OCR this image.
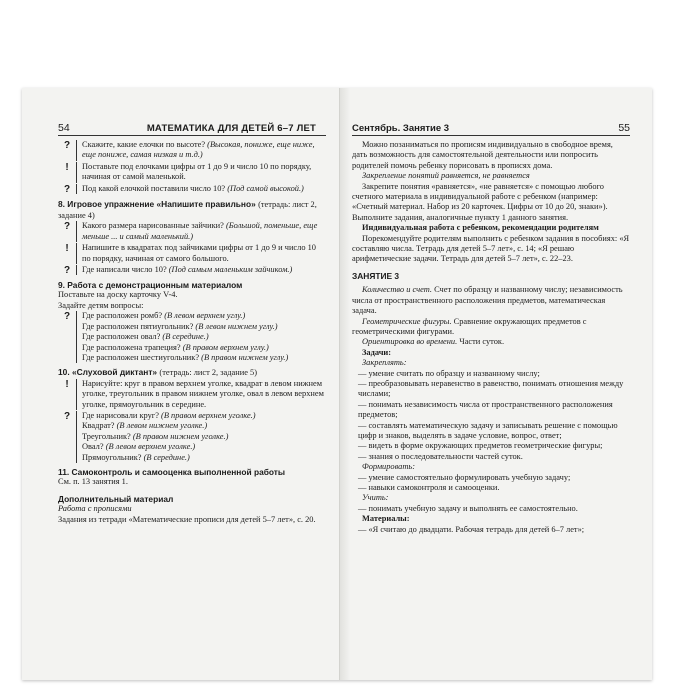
54	МАТЕМАТИКА ДЛЯ ДЕТЕЙ 6–7 ЛЕТ
?	Скажите, какие елочки по высоте? (Высокая, пониже, еще ниже, еще пониже, самая низкая и т.д.)
!	Поставьте под елочками цифры от 1 до 9 и число 10 по порядку, начиная от самой маленькой.
?	Под какой елочкой поставили число 10? (Под самой высокой.)
8. Игровое упражнение «Напишите правильно» (тетрадь: лист 2, задание 4)
?	Какого размера нарисованные зайчики? (Большой, поменьше, еще меньше ... и самый маленький.)
!	Напишите в квадратах под зайчиками цифры от 1 до 9 и число 10 по порядку, начиная от самого большого.
?	Где написали число 10? (Под самым маленьким зайчиком.)
9. Работа с демонстрационным материалом
Поставьте на доску карточку V-4.
Задайте детям вопросы:
?	Где расположен ромб? (В левом верхнем углу.)
Где расположен пятиугольник? (В левом нижнем углу.)
Где расположен овал? (В середине.)
Где расположена трапеция? (В правом верхнем углу.)
Где расположен шестиугольник? (В правом нижнем углу.)
10. «Слуховой диктант» (тетрадь: лист 2, задание 5)
!	Нарисуйте: круг в правом верхнем уголке, квадрат в левом нижнем уголке, треугольник в правом нижнем уголке, овал в левом верхнем уголке, прямоугольник в середине.
?	Где нарисовали круг? (В правом верхнем уголке.)
Квадрат? (В левом нижнем уголке.)
Треугольник? (В правом нижнем уголке.)
Овал? (В левом верхнем уголке.)
Прямоугольник? (В середине.)
11. Самоконтроль и самооценка выполненной работы
См. п. 13 занятия 1.
Дополнительный материал
Работа с прописями
Задания из тетради «Математические прописи для детей 5–7 лет», с. 20.
Сентябрь. Занятие 3	55
Можно позаниматься по прописям индивидуально в свободное время, дать возможность для самостоятельной деятельности или попросить родителей помочь ребенку порисовать в прописях дома.
Закрепление понятий равняется, не равняется
Закрепите понятия «равняется», «не равняется» с помощью любого счетного материала в индивидуальной работе с ребенком (например: «Счетный материал. Набор из 20 карточек. Цифры от 10 до 20, знаки»). Выполните задания, аналогичные пункту 1 данного занятия.
Индивидуальная работа с ребенком, рекомендации родителям
Порекомендуйте родителям выполнить с ребенком задания в пособиях: «Я составляю числа. Тетрадь для детей 5–7 лет», с. 14; «Я решаю арифметические задачи. Тетрадь для детей 5–7 лет», с. 22–23.
ЗАНЯТИЕ 3
Количество и счет. Счет по образцу и названному числу; независимость числа от пространственного расположения предметов, математическая задача.
Геометрические фигуры. Сравнение окружающих предметов с геометрическими фигурами.
Ориентировка во времени. Части суток.
Задачи:
Закреплять:
— умение считать по образцу и названному числу;
— преобразовывать неравенство в равенство, понимать отношения между числами;
— понимать независимость числа от пространственного расположения предметов;
— составлять математическую задачу и записывать решение с помощью цифр и знаков, выделять в задаче условие, вопрос, ответ;
— видеть в форме окружающих предметов геометрические фигуры;
— знания о последовательности частей суток.
Формировать:
— умение самостоятельно формулировать учебную задачу;
— навыки самоконтроля и самооценки.
Учить:
— понимать учебную задачу и выполнять ее самостоятельно.
Материалы:
— «Я считаю до двадцати. Рабочая тетрадь для детей 6–7 лет»;
